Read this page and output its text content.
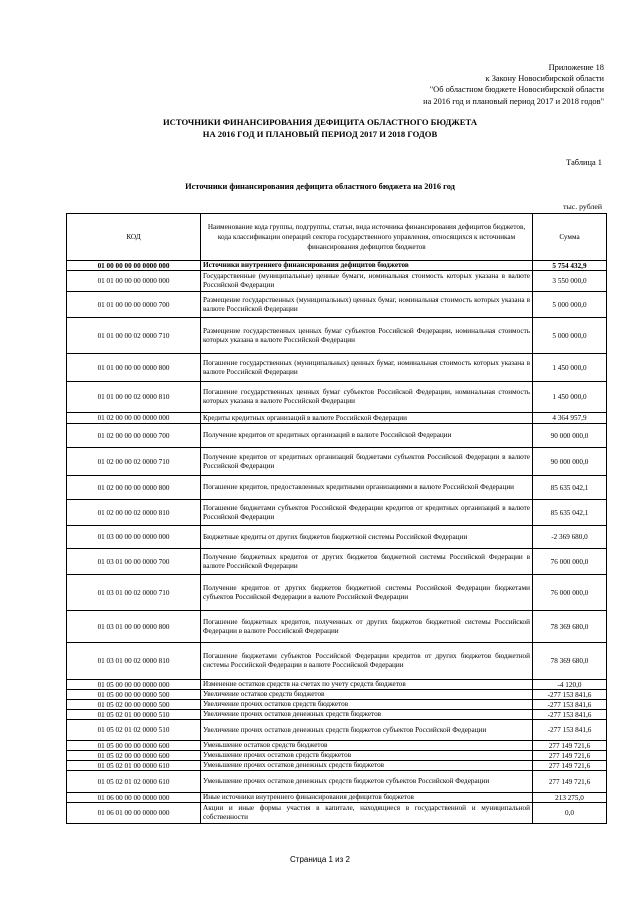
Приложение 18
к Закону Новосибирской области
"Об областном бюджете Новосибирской области
на 2016 год и плановый период 2017 и 2018 годов"
ИСТОЧНИКИ ФИНАНСИРОВАНИЯ ДЕФИЦИТА ОБЛАСТНОГО БЮДЖЕТА
НА 2016 ГОД И ПЛАНОВЫЙ ПЕРИОД 2017 И 2018 ГОДОВ
Таблица 1
Источники финансирования дефицита областного бюджета на 2016 год
тыс. рублей
КОД	Наименование кода группы, подгруппы, статьи, вида источника финансирования дефицитов бюджетов, кода классификации операций сектора государственного управления, относящихся к источникам финансирования дефицитов бюджетов	Сумма
01 00 00 00 00 0000 000	Источники внутреннего финансирования дефицитов бюджетов	5 754 432,9
01 01 00 00 00 0000 000	Государственные (муниципальные) ценные бумаги, номинальная стоимость которых указана в валюте Российской Федерации	3 550 000,0
01 01 00 00 00 0000 700	Размещение государственных (муниципальных) ценных бумаг, номинальная стоимость которых указана в валюте Российской Федерации	5 000 000,0
01 01 00 00 02 0000 710	Размещение государственных ценных бумаг субъектов Российской Федерации, номинальная стоимость которых указана в валюте Российской Федерации	5 000 000,0
01 01 00 00 00 0000 800	Погашение государственных (муниципальных) ценных бумаг, номинальная стоимость которых указана в валюте Российской Федерации	1 450 000,0
01 01 00 00 02 0000 810	Погашение государственных ценных бумаг субъектов Российской Федерации, номинальная стоимость которых указана в валюте Российской Федерации	1 450 000,0
01 02 00 00 00 0000 000	Кредиты кредитных организаций в валюте Российской Федерации	4 364 957,9
01 02 00 00 00 0000 700	Получение кредитов от кредитных организаций в валюте Российской Федерации	90 000 000,0
01 02 00 00 02 0000 710	Получение кредитов от кредитных организаций бюджетами субъектов Российской Федерации в валюте Российской Федерации	90 000 000,0
01 02 00 00 00 0000 800	Погашение кредитов, предоставленных кредитными организациями в валюте Российской Федерации	85 635 042,1
01 02 00 00 02 0000 810	Погашение бюджетами субъектов Российской Федерации кредитов от кредитных организаций в валюте Российской Федерации	85 635 042,1
01 03 00 00 00 0000 000	Бюджетные кредиты от других бюджетов бюджетной системы Российской Федерации	-2 369 680,0
01 03 01 00 00 0000 700	Получение бюджетных кредитов от других бюджетов бюджетной системы Российской Федерации в валюте Российской Федерации	76 000 000,0
01 03 01 00 02 0000 710	Получение кредитов от других бюджетов бюджетной системы Российской Федерации бюджетами субъектов Российской Федерации в валюте Российской Федерации	76 000 000,0
01 03 01 00 00 0000 800	Погашение бюджетных кредитов, полученных от других бюджетов бюджетной системы Российской Федерации в валюте Российской Федерации	78 369 680,0
01 03 01 00 02 0000 810	Погашение бюджетами субъектов Российской Федерации кредитов от других бюджетов бюджетной системы Российской Федерации в валюте Российской Федерации	78 369 680,0
01 05 00 00 00 0000 000	Изменение остатков средств на счетах по учету средств бюджетов	-4 120,0
01 05 00 00 00 0000 500	Увеличение остатков средств бюджетов	-277 153 841,6
01 05 02 00 00 0000 500	Увеличение прочих остатков средств бюджетов	-277 153 841,6
01 05 02 01 00 0000 510	Увеличение прочих остатков денежных средств бюджетов	-277 153 841,6
01 05 02 01 02 0000 510	Увеличение прочих остатков денежных средств бюджетов субъектов Российской Федерации	-277 153 841,6
01 05 00 00 00 0000 600	Уменьшение остатков средств бюджетов	277 149 721,6
01 05 02 00 00 0000 600	Уменьшение прочих остатков средств бюджетов	277 149 721,6
01 05 02 01 00 0000 610	Уменьшение прочих остатков денежных средств бюджетов	277 149 721,6
01 05 02 01 02 0000 610	Уменьшение прочих остатков денежных средств бюджетов субъектов Российской Федерации	277 149 721,6
01 06 00 00 00 0000 000	Иные источники внутреннего финансирования дефицитов бюджетов	213 275,0
01 06 01 00 00 0000 000	Акции и иные формы участия в капитале, находящиеся в государственной и муниципальной собственности	0,0
Страница 1 из 2
